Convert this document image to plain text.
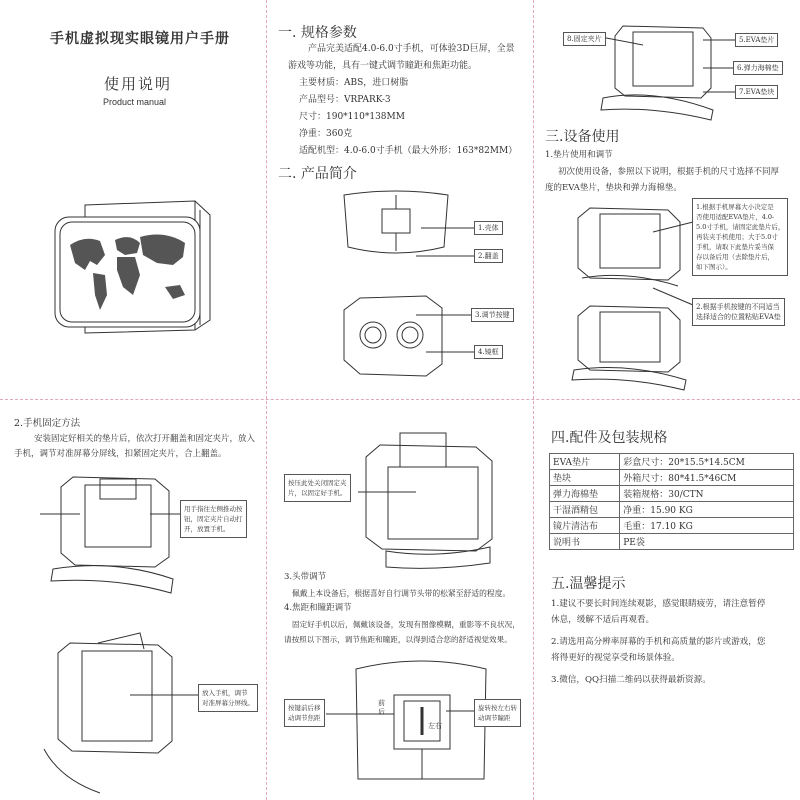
手机虚拟现实眼镜用户手册
使用说明
Product manual
一. 规格参数
产品完美适配4.0-6.0寸手机，可体验3D巨屏，全景
游戏等功能，具有一键式调节瞳距和焦距功能。
主要材质：ABS，进口树脂
产品型号：VRPARK-3
尺寸：190*110*138MM
净重：360克
适配机型：4.0-6.0寸手机（最大外形：163*82MM）
二. 产品简介
1.壳体
2.翻盖
3.调节按键
4.镜框
8.固定夹片	5.EVA垫片
6.弹力海棉垫
7.EVA垫块
三.设备使用
1.垫片使用和调节
初次使用设备，参照以下说明，根据手机的尺寸选择不同厚
度的EVA垫片，垫块和弹力海棉垫。
1.根据手机屏幕大小决定是
否使用适配EVA垫片，4.0-
5.0寸手机，请固定此垫片后，
再装夹手机使用；大于5.0寸
手机，请取下此垫片妥当保
存以备后用（去除垫片后，
如下图示）。
2.根据手机按键的不同适当
选择适合的位置粘贴EVA垫
2.手机固定方法
安装固定好相关的垫片后，依次打开翻盖和固定夹片，放入
手机，调节对准屏幕分屏线，扣紧固定夹片，合上翻盖。
用手指往左侧推动按
钮，固定夹片自动打
开，放置手机。
放入手机，调节
对准屏幕分屏线。
按压此处关闭固定夹
片，以固定好手机。
3.头带调节
佩戴上本设备后，根据喜好自行调节头带的松紧至舒适的程度。
4.焦距和瞳距调节
固定好手机以后，佩戴该设备，发现有图像模糊，重影等不良状况，
请按照以下图示，调节焦距和瞳距，以得到适合您的舒适视觉效果。
前后
左右
按键前后移
动调节焦距
旋转按左右转
动调节瞳距
四.配件及包装规格
EVA垫片	彩盒尺寸：20*15.5*14.5CM
垫块	外箱尺寸：80*41.5*46CM
弹力海棉垫	装箱规格：30/CTN
干湿酒精包	净重：15.90 KG
镜片清洁布	毛重：17.10 KG
说明书	PE袋
五.温馨提示
1.建议不要长时间连续观影，感觉眼睛疲劳，请注意暂停
休息，缓解不适后再观看。
2.请选用高分辨率屏幕的手机和高质量的影片或游戏，您
将得更好的视觉享受和场景体验。
3.微信，QQ扫描二维码以获得最新资源。
